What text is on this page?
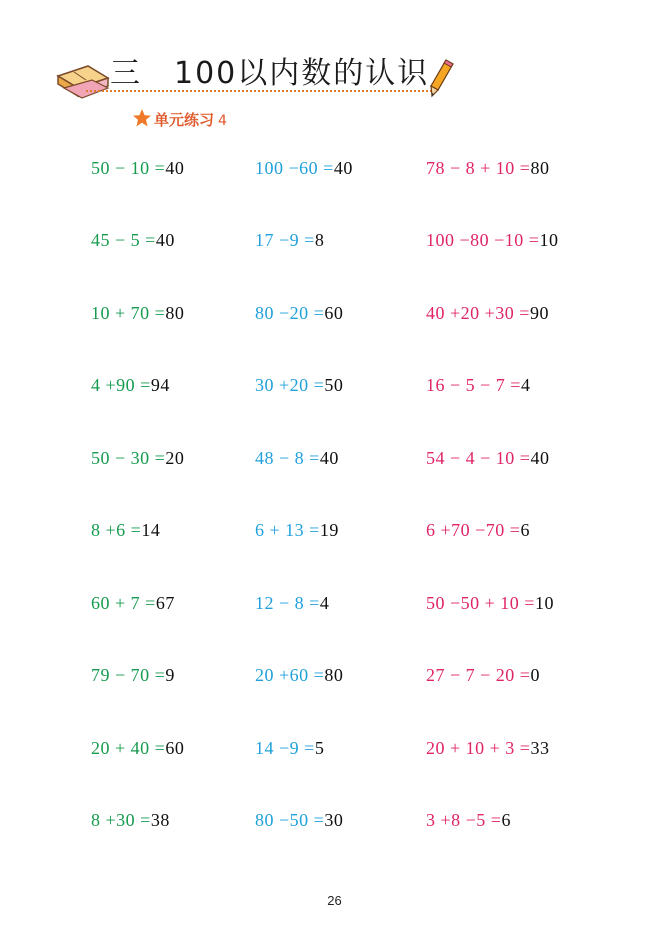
三 100以内数的认识
单元练习 4
50 − 10 =40
45 − 5 =40
10 + 70 =80
4 +90 =94
50 − 30 =20
8 +6 =14
60 + 7 =67
79 − 70 =9
20 + 40 =60
8 +30 =38
100 −60 =40
17 −9 =8
80 −20 =60
30 +20 =50
48 − 8 =40
6 + 13 =19
12 − 8 =4
20 +60 =80
14 −9 =5
80 −50 =30
78 − 8 + 10 =80
100 −80 −10 =10
40 +20 +30 =90
16 − 5 − 7 =4
54 − 4 − 10 =40
6 +70 −70 =6
50 −50 + 10 =10
27 − 7 − 20 =0
20 + 10 + 3 =33
3 +8 −5 =6
26
